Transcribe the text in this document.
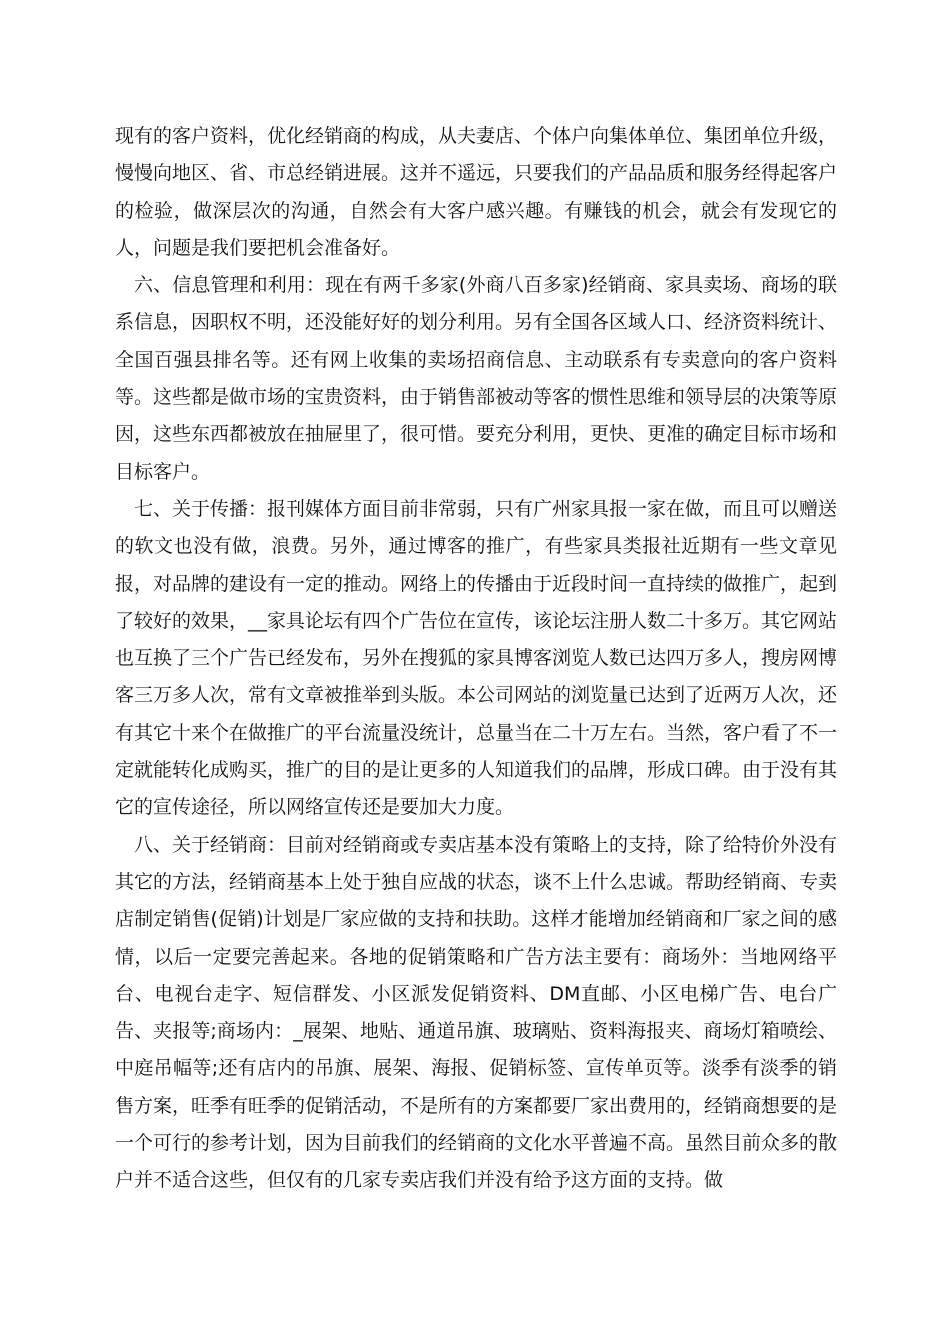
现有的客户资料，优化经销商的构成，从夫妻店、个体户向集体单位、集团单位升级，慢慢向地区、省、市总经销进展。这并不遥远，只要我们的产品品质和服务经得起客户的检验，做深层次的沟通，自然会有大客户感兴趣。有赚钱的机会，就会有发现它的人，问题是我们要把机会准备好。

六、信息管理和利用：现在有两千多家(外商八百多家)经销商、家具卖场、商场的联系信息，因职权不明，还没能好好的划分利用。另有全国各区域人口、经济资料统计、全国百强县排名等。还有网上收集的卖场招商信息、主动联系有专卖意向的客户资料等。这些都是做市场的宝贵资料，由于销售部被动等客的惯性思维和领导层的决策等原因，这些东西都被放在抽屉里了，很可惜。要充分利用，更快、更准的确定目标市场和目标客户。

七、关于传播：报刊媒体方面目前非常弱，只有广州家具报一家在做，而且可以赠送的软文也没有做，浪费。另外，通过博客的推广，有些家具类报社近期有一些文章见报，对品牌的建设有一定的推动。网络上的传播由于近段时间一直持续的做推广，起到了较好的效果，__家具论坛有四个广告位在宣传，该论坛注册人数二十多万。其它网站也互换了三个广告已经发布，另外在搜狐的家具博客浏览人数已达四万多人，搜房网博客三万多人次，常有文章被推举到头版。本公司网站的浏览量已达到了近两万人次，还有其它十来个在做推广的平台流量没统计，总量当在二十万左右。当然，客户看了不一定就能转化成购买，推广的目的是让更多的人知道我们的品牌，形成口碑。由于没有其它的宣传途径，所以网络宣传还是要加大力度。

八、关于经销商：目前对经销商或专卖店基本没有策略上的支持，除了给特价外没有其它的方法，经销商基本上处于独自应战的状态，谈不上什么忠诚。帮助经销商、专卖店制定销售(促销)计划是厂家应做的支持和扶助。这样才能增加经销商和厂家之间的感情，以后一定要完善起来。各地的促销策略和广告方法主要有：商场外：当地网络平台、电视台走字、短信群发、小区派发促销资料、DM直邮、小区电梯广告、电台广告、夹报等;商场内：_展架、地贴、通道吊旗、玻璃贴、资料海报夹、商场灯箱喷绘、中庭吊幅等;还有店内的吊旗、展架、海报、促销标签、宣传单页等。淡季有淡季的销售方案，旺季有旺季的促销活动，不是所有的方案都要厂家出费用的，经销商想要的是一个可行的参考计划，因为目前我们的经销商的文化水平普遍不高。虽然目前众多的散户并不适合这些，但仅有的几家专卖店我们并没有给予这方面的支持。做
